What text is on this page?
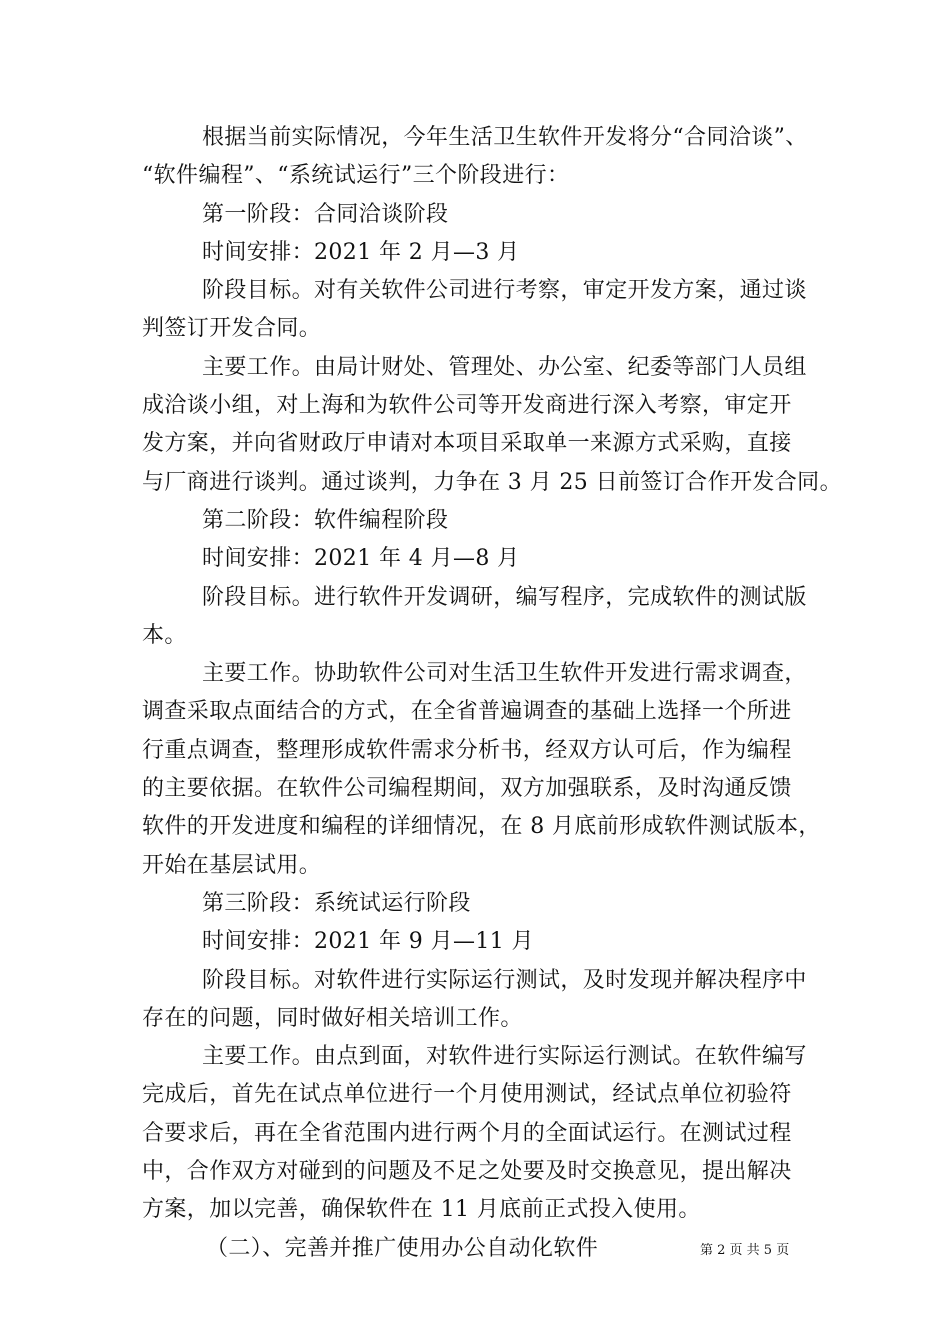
根据当前实际情况，今年生活卫生软件开发将分“合同洽谈”、
“软件编程”、“系统试运行”三个阶段进行：
第一阶段：合同洽谈阶段
时间安排：2021 年 2 月—3 月
阶段目标。对有关软件公司进行考察，审定开发方案，通过谈
判签订开发合同。
主要工作。由局计财处、管理处、办公室、纪委等部门人员组
成洽谈小组，对上海和为软件公司等开发商进行深入考察，审定开
发方案，并向省财政厅申请对本项目采取单一来源方式采购，直接
与厂商进行谈判。通过谈判，力争在 3 月 25 日前签订合作开发合同。
第二阶段：软件编程阶段
时间安排：2021 年 4 月—8 月
阶段目标。进行软件开发调研，编写程序，完成软件的测试版
本。
主要工作。协助软件公司对生活卫生软件开发进行需求调查，
调查采取点面结合的方式，在全省普遍调查的基础上选择一个所进
行重点调查，整理形成软件需求分析书，经双方认可后，作为编程
的主要依据。在软件公司编程期间，双方加强联系，及时沟通反馈
软件的开发进度和编程的详细情况，在 8 月底前形成软件测试版本，
开始在基层试用。
第三阶段：系统试运行阶段
时间安排：2021 年 9 月—11 月
阶段目标。对软件进行实际运行测试，及时发现并解决程序中
存在的问题，同时做好相关培训工作。
主要工作。由点到面，对软件进行实际运行测试。在软件编写
完成后，首先在试点单位进行一个月使用测试，经试点单位初验符
合要求后，再在全省范围内进行两个月的全面试运行。在测试过程
中，合作双方对碰到的问题及不足之处要及时交换意见，提出解决
方案，加以完善，确保软件在 11 月底前正式投入使用。
（二）、完善并推广使用办公自动化软件	第 2 页 共 5 页
